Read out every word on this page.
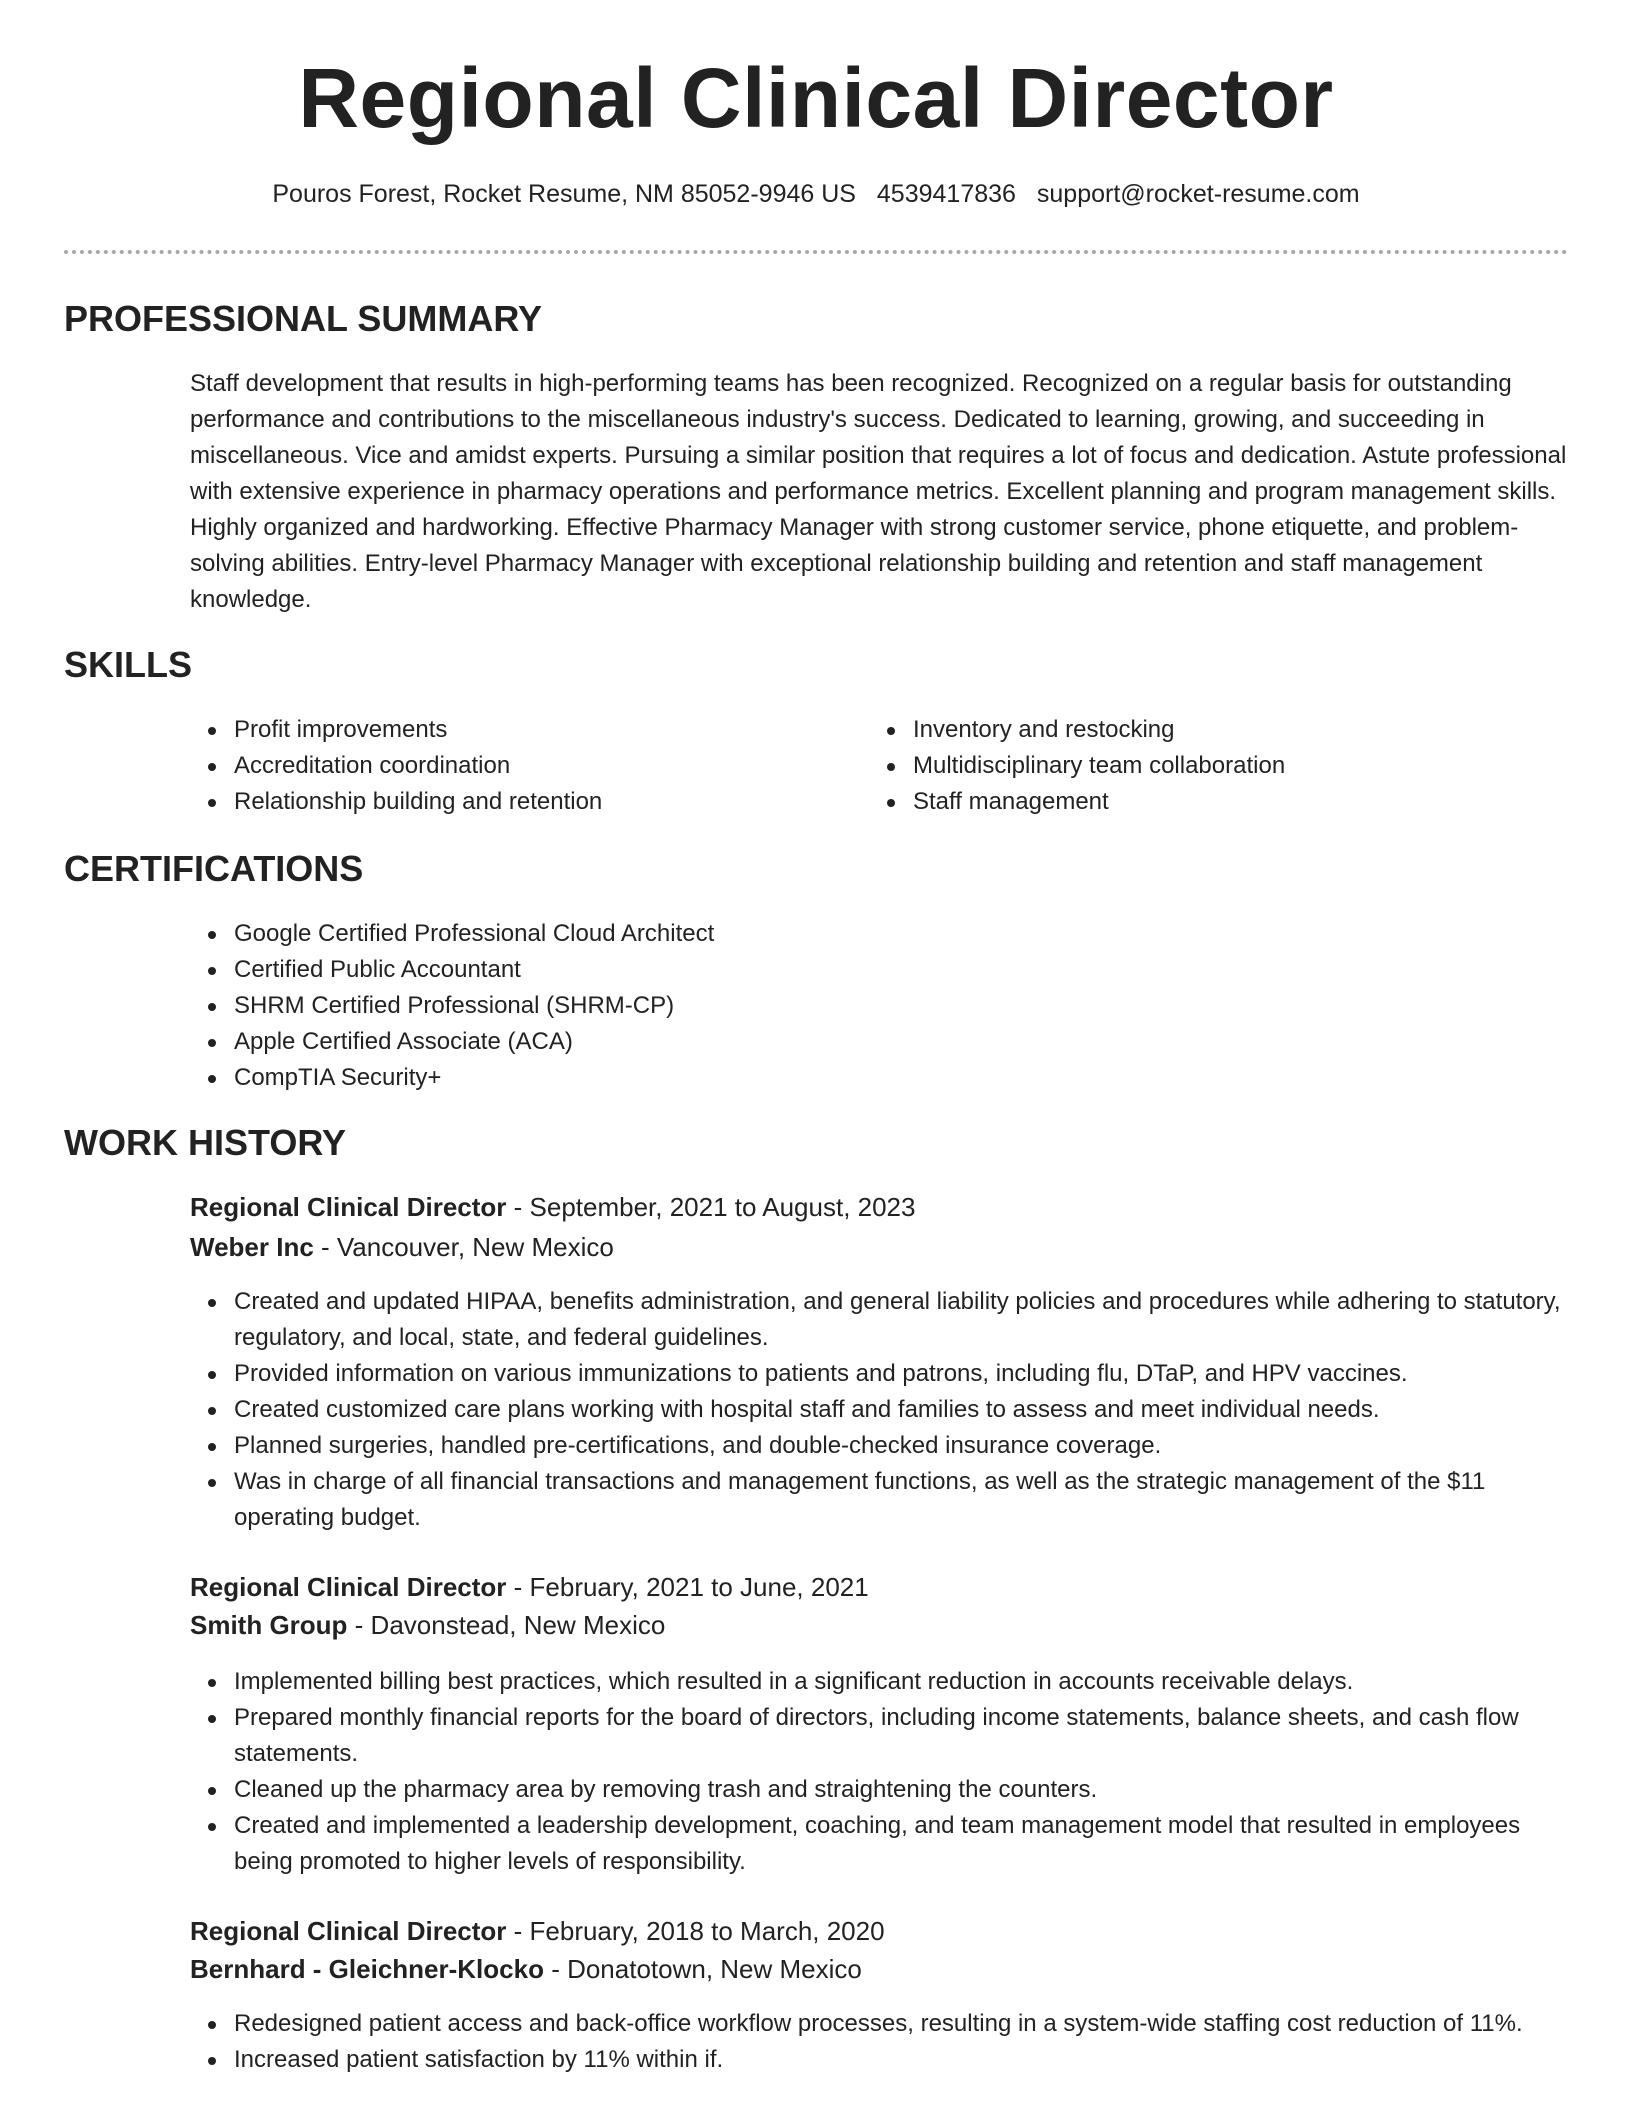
Regional Clinical Director
Pouros Forest, Rocket Resume, NM 85052-9946 US 4539417836 support@rocket-resume.com
PROFESSIONAL SUMMARY

Staff development that results in high-performing teams has been recognized. Recognized on a regular basis for outstanding performance and contributions to the miscellaneous industry's success. Dedicated to learning, growing, and succeeding in miscellaneous. Vice and amidst experts. Pursuing a similar position that requires a lot of focus and dedication. Astute professional with extensive experience in pharmacy operations and performance metrics. Excellent planning and program management skills. Highly organized and hardworking. Effective Pharmacy Manager with strong customer service, phone etiquette, and problem-solving abilities. Entry-level Pharmacy Manager with exceptional relationship building and retention and staff management knowledge.

SKILLS
Profit improvements
Accreditation coordination
Relationship building and retention
Inventory and restocking
Multidisciplinary team collaboration
Staff management
CERTIFICATIONS
Google Certified Professional Cloud Architect
Certified Public Accountant
SHRM Certified Professional (SHRM-CP)
Apple Certified Associate (ACA)
CompTIA Security+
WORK HISTORY
Regional Clinical Director - September, 2021 to August, 2023
Weber Inc - Vancouver, New Mexico
Created and updated HIPAA, benefits administration, and general liability policies and procedures while adhering to statutory, regulatory, and local, state, and federal guidelines.
Provided information on various immunizations to patients and patrons, including flu, DTaP, and HPV vaccines.
Created customized care plans working with hospital staff and families to assess and meet individual needs.
Planned surgeries, handled pre-certifications, and double-checked insurance coverage.
Was in charge of all financial transactions and management functions, as well as the strategic management of the $11 operating budget.
Regional Clinical Director - February, 2021 to June, 2021
Smith Group - Davonstead, New Mexico
Implemented billing best practices, which resulted in a significant reduction in accounts receivable delays.
Prepared monthly financial reports for the board of directors, including income statements, balance sheets, and cash flow statements.
Cleaned up the pharmacy area by removing trash and straightening the counters.
Created and implemented a leadership development, coaching, and team management model that resulted in employees being promoted to higher levels of responsibility.
Regional Clinical Director - February, 2018 to March, 2020
Bernhard - Gleichner-Klocko - Donatotown, New Mexico
Redesigned patient access and back-office workflow processes, resulting in a system-wide staffing cost reduction of 11%.
Increased patient satisfaction by 11% within if.
